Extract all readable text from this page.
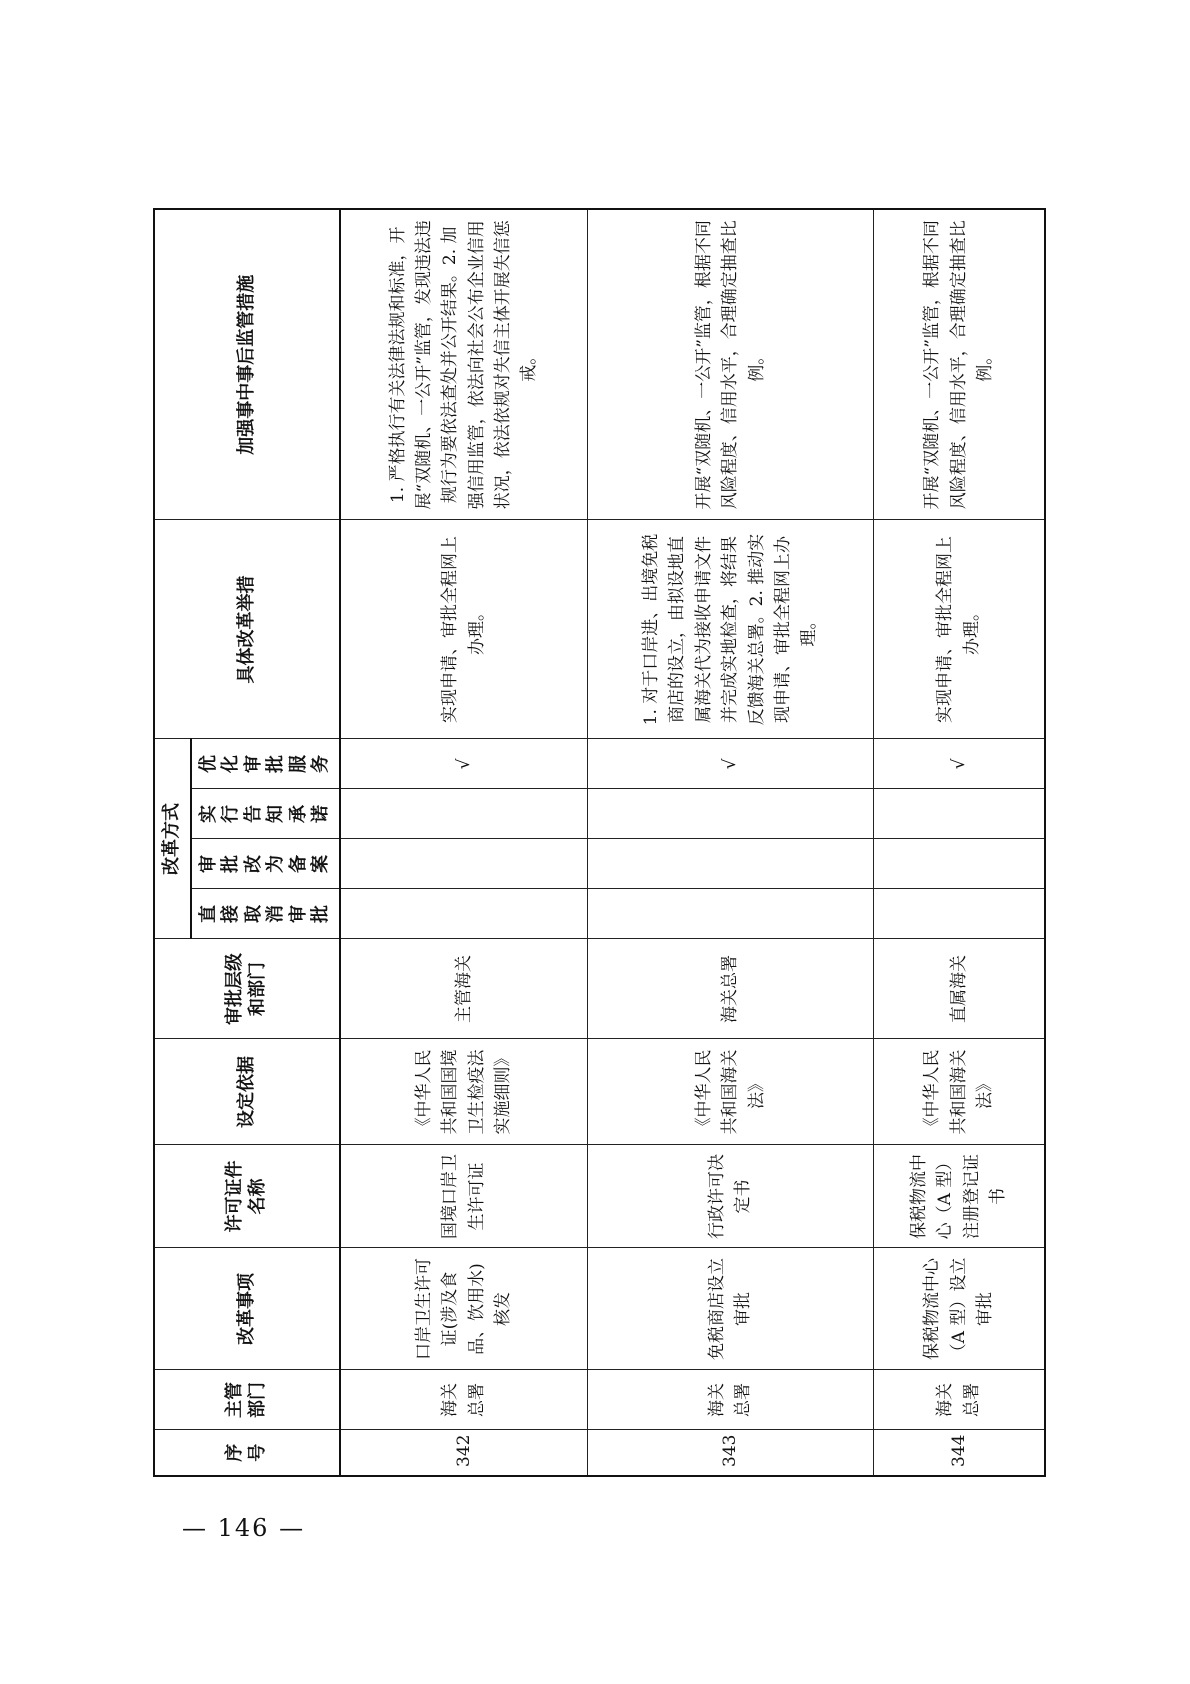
序号	主管部门	改革事项	许可证件名称	设定依据	审批层级和部门	改革方式				具体改革举措	加强事中事后监管措施
						直接取消审批	审批改为备案	实行告知承诺	优化审批服务		
342	海关总署	口岸卫生许可证(涉及食品、饮用水)核发	国境口岸卫生许可证	《中华人民共和国国境卫生检疫法实施细则》	主管海关				√	实现申请、审批全程网上办理。	1. 严格执行有关法律法规和标准，开展“双随机、一公开”监管，发现违法违规行为要依法查处并公开结果。2. 加强信用监管，依法向社会公布企业信用状况，依法依规对失信主体开展失信惩戒。
343	海关总署	免税商店设立审批	行政许可决定书	《中华人民共和国海关法》	海关总署				√	1. 对于口岸进、出境免税商店的设立，由拟设地直属海关代为接收申请文件并完成实地检查，将结果反馈海关总署。2. 推动实现申请、审批全程网上办理。	开展“双随机、一公开”监管，根据不同风险程度、信用水平，合理确定抽查比例。
344	海关总署	保税物流中心（A 型）设立审批	保税物流中心（A 型）注册登记证书	《中华人民共和国海关法》	直属海关				√	实现申请、审批全程网上办理。	开展“双随机、一公开”监管，根据不同风险程度、信用水平，合理确定抽查比例。
— 146 —
